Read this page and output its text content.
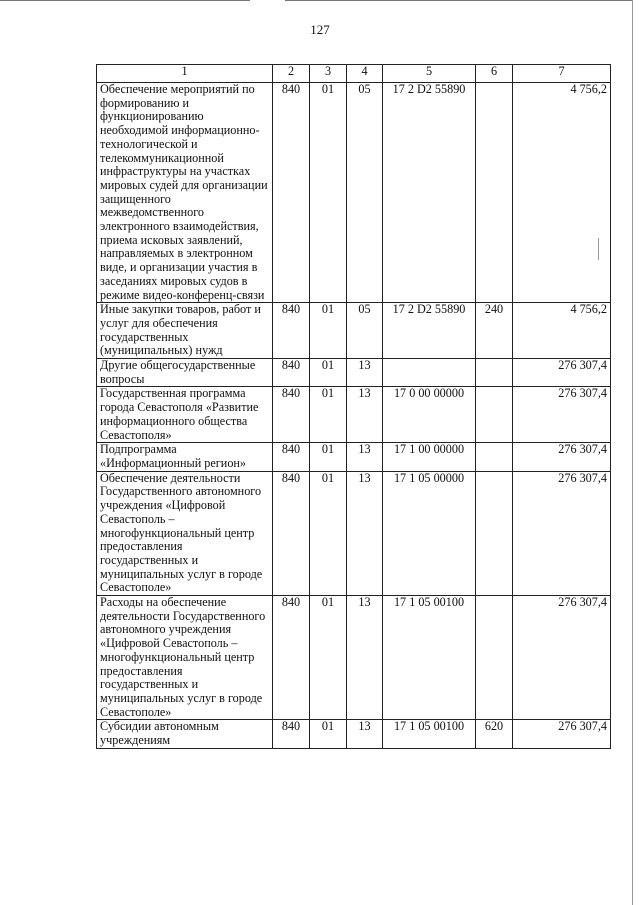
127
1	2	3	4	5	6	7
Обеспечение мероприятий по формированию и функционированию необходимой информационно-технологической и телекоммуникационной инфраструктуры на участках мировых судей для организации защищенного межведомственного электронного взаимодействия, приема исковых заявлений, направляемых в электронном виде, и организации участия в заседаниях мировых судов в режиме видео-конференц-связи	840	01	05	17 2 D2 55890		4 756,2
Иные закупки товаров, работ и услуг для обеспечения государственных (муниципальных) нужд	840	01	05	17 2 D2 55890	240	4 756,2
Другие общегосударственные вопросы	840	01	13			276 307,4
Государственная программа города Севастополя «Развитие информационного общества Севастополя»	840	01	13	17 0 00 00000		276 307,4
Подпрограмма «Информационный регион»	840	01	13	17 1 00 00000		276 307,4
Обеспечение деятельности Государственного автономного учреждения «Цифровой Севастополь – многофункциональный центр предоставления государственных и муниципальных услуг в городе Севастополе»	840	01	13	17 1 05 00000		276 307,4
Расходы на обеспечение деятельности Государственного автономного учреждения «Цифровой Севастополь – многофункциональный центр предоставления государственных и муниципальных услуг в городе Севастополе»	840	01	13	17 1 05 00100		276 307,4
Субсидии автономным учреждениям	840	01	13	17 1 05 00100	620	276 307,4
